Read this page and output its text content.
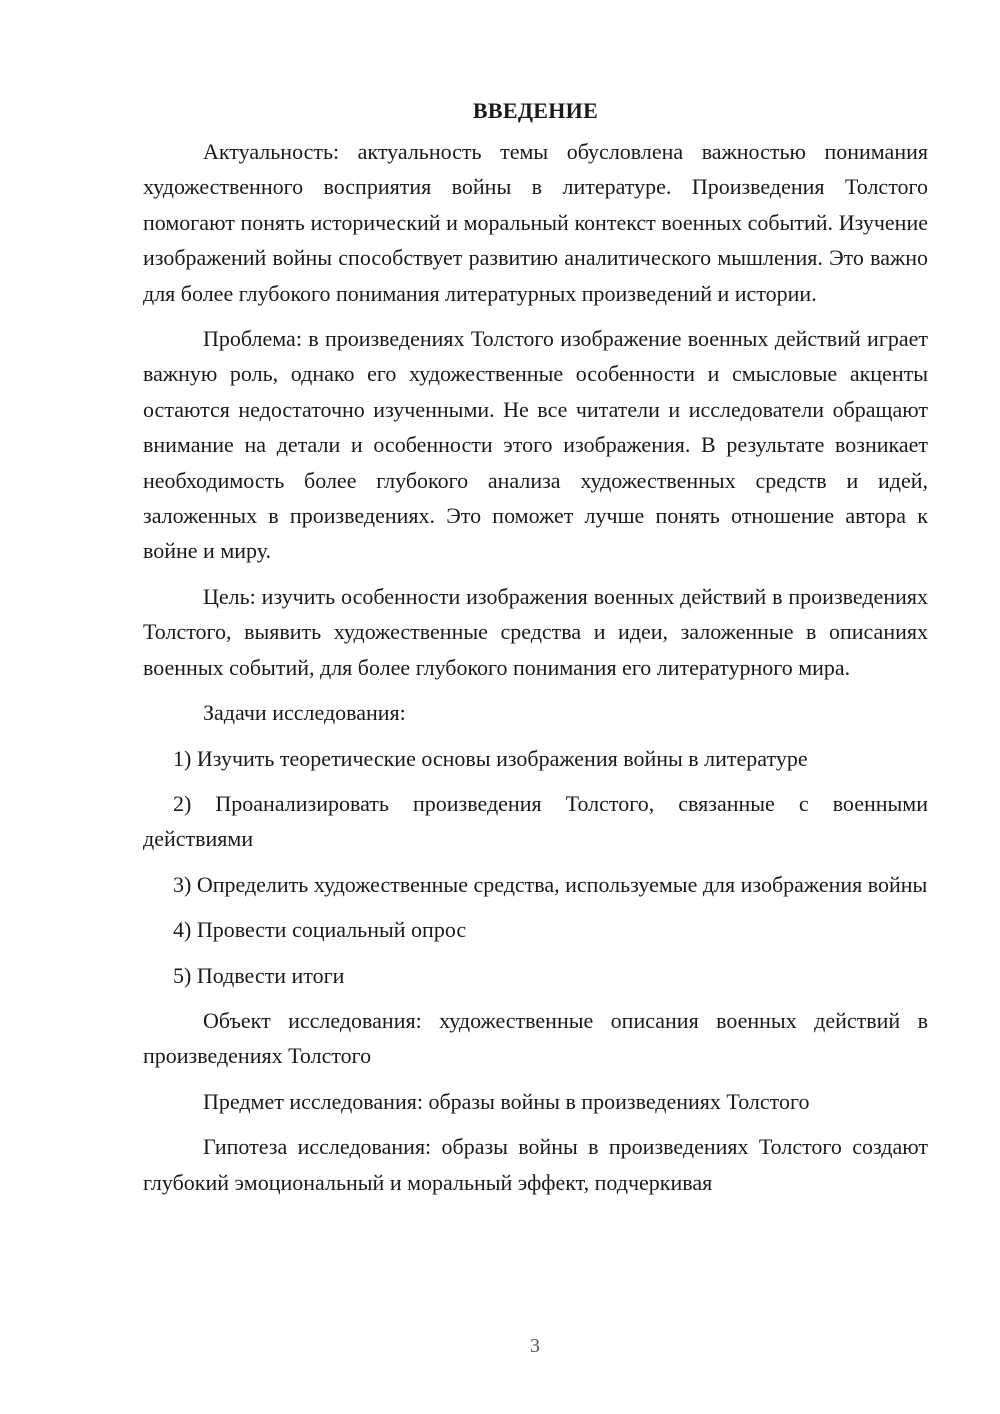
ВВЕДЕНИЕ

Актуальность: актуальность темы обусловлена важностью понимания художественного восприятия войны в литературе. Произведения Толстого помогают понять исторический и моральный контекст военных событий. Изучение изображений войны способствует развитию аналитического мышления. Это важно для более глубокого понимания литературных произведений и истории.

Проблема: в произведениях Толстого изображение военных действий играет важную роль, однако его художественные особенности и смысловые акценты остаются недостаточно изученными. Не все читатели и исследователи обращают внимание на детали и особенности этого изображения. В результате возникает необходимость более глубокого анализа художественных средств и идей, заложенных в произведениях. Это поможет лучше понять отношение автора к войне и миру.

Цель: изучить особенности изображения военных действий в произведениях Толстого, выявить художественные средства и идеи, заложенные в описаниях военных событий, для более глубокого понимания его литературного мира.

Задачи исследования:

1) Изучить теоретические основы изображения войны в литературе

2) Проанализировать произведения Толстого, связанные с военными действиями

3) Определить художественные средства, используемые для изображения войны

4) Провести социальный опрос

5) Подвести итоги

Объект исследования: художественные описания военных действий в произведениях Толстого

Предмет исследования: образы войны в произведениях Толстого

Гипотеза исследования: образы войны в произведениях Толстого создают глубокий эмоциональный и моральный эффект, подчеркивая

3
